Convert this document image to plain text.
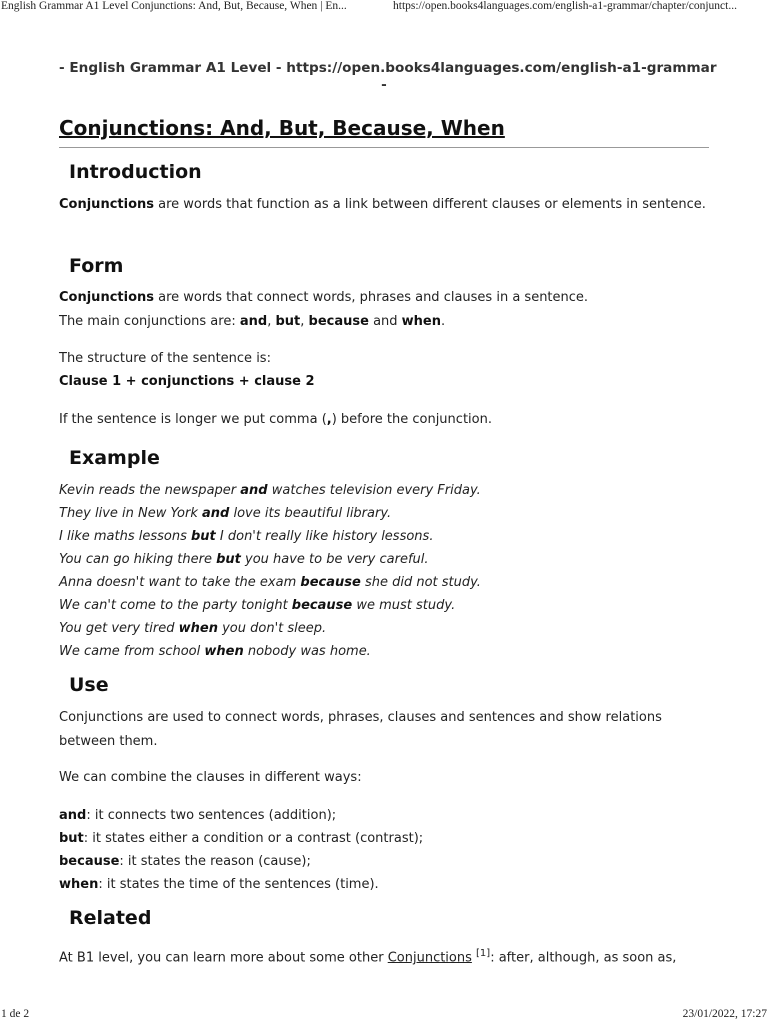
English Grammar A1 Level Conjunctions: And, But, Because, When | En...	https://open.books4languages.com/english-a1-grammar/chapter/conjunct...
- English Grammar A1 Level - https://open.books4languages.com/english-a1-grammar
-
Conjunctions: And, But, Because, When
Introduction

Conjunctions are words that function as a link between different clauses or elements in sentence.

Form
Conjunctions are words that connect words, phrases and clauses in a sentence.
The main conjunctions are: and, but, because and when.
The structure of the sentence is:
Clause 1 + conjunctions + clause 2
If the sentence is longer we put comma (,) before the conjunction.
Example
Kevin reads the newspaper and watches television every Friday.
They live in New York and love its beautiful library.
I like maths lessons but I don't really like history lessons.
You can go hiking there but you have to be very careful.
Anna doesn't want to take the exam because she did not study.
We can't come to the party tonight because we must study.
You get very tired when you don't sleep.
We came from school when nobody was home.
Use

Conjunctions are used to connect words, phrases, clauses and sentences and show relations between them.

We can combine the clauses in different ways:
and: it connects two sentences (addition);
but: it states either a condition or a contrast (contrast);
because: it states the reason (cause);
when: it states the time of the sentences (time).
Related
At B1 level, you can learn more about some other Conjunctions [1]: after, although, as soon as,
1 de 2	23/01/2022, 17:27
